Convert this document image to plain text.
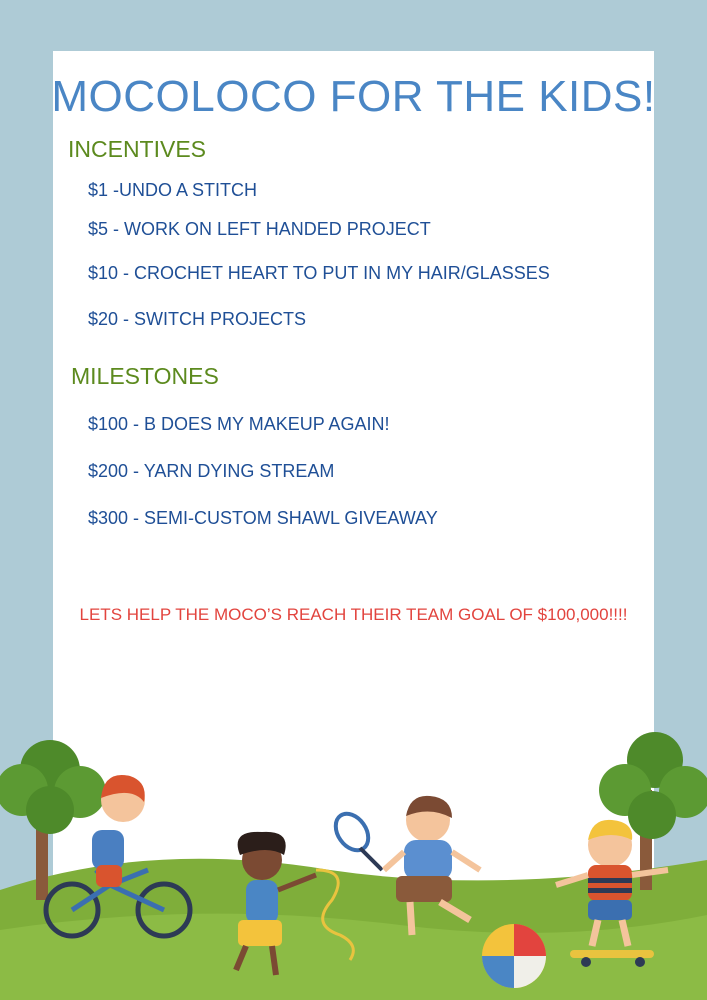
MOCOLOCO FOR THE KIDS!
INCENTIVES

$1 -UNDO A STITCH

$5 - WORK ON LEFT HANDED PROJECT

$10 - CROCHET HEART TO PUT IN MY HAIR/GLASSES

$20 - SWITCH PROJECTS

MILESTONES

$100 - B DOES MY MAKEUP AGAIN!

$200 - YARN DYING STREAM

$300 - SEMI-CUSTOM SHAWL GIVEAWAY

LETS HELP THE MOCO’S REACH THEIR TEAM GOAL OF $100,000!!!!
